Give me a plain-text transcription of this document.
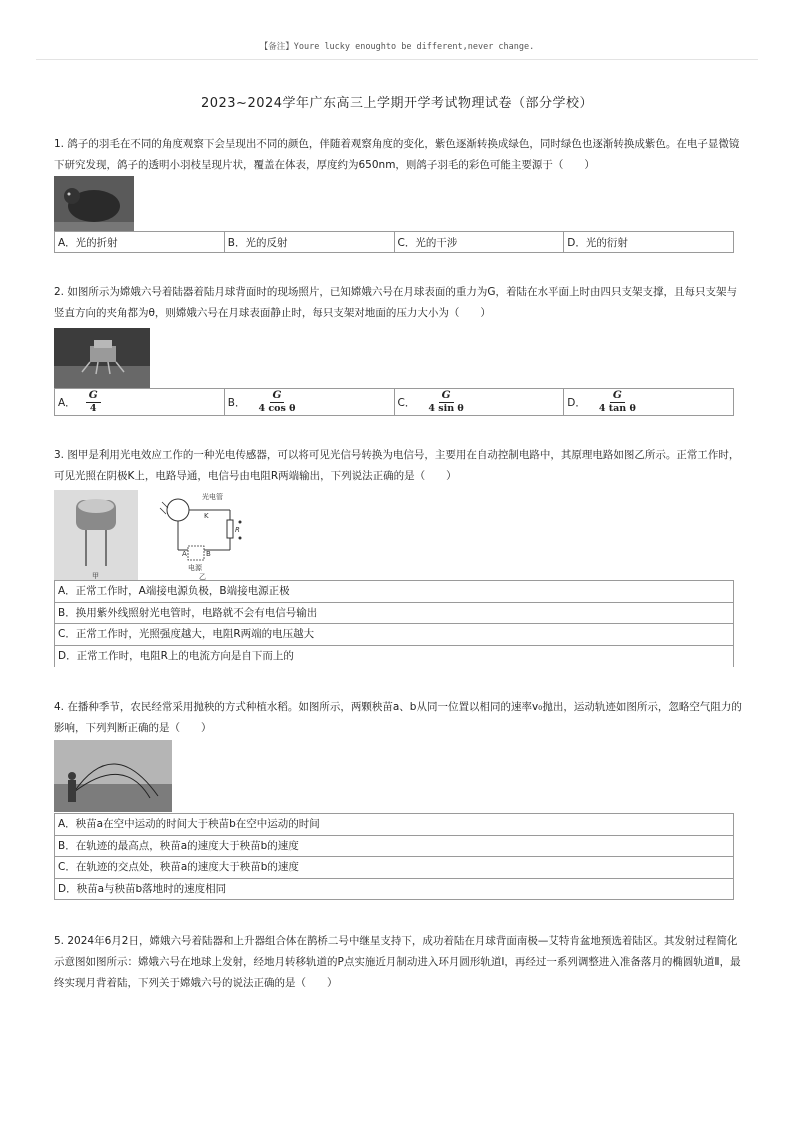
【备注】Youre lucky enoughto be different,never change.
2023~2024学年广东高三上学期开学考试物理试卷（部分学校）

1. 鸽子的羽毛在不同的角度观察下会呈现出不同的颜色，伴随着观察角度的变化，紫色逐渐转换成绿色，同时绿色也逐渐转换成紫色。在电子显微镜下研究发现，鸽子的透明小羽枝呈现片状，覆盖在体表，厚度约为650nm，则鸽子羽毛的彩色可能主要源于（　　）

A．光的折射	B．光的反射	C．光的干涉	D．光的衍射

2. 如图所示为嫦娥六号着陆器着陆月球背面时的现场照片，已知嫦娥六号在月球表面的重力为G，着陆在水平面上时由四只支架支撑，且每只支架与竖直方向的夹角都为θ，则嫦娥六号在月球表面静止时，每只支架对地面的压力大小为（　　）

A． $\frac{G}{4}$	B． $\frac{G}{\text{4 cos θ}}$	C． $\frac{G}{\text{4 sin θ}}$	D． $\frac{G}{\text{4 tan θ}}$

3. 图甲是利用光电效应工作的一种光电传感器，可以将可见光信号转换为电信号，主要用在自动控制电路中，其原理电路如图乙所示。正常工作时，可见光照在阴极K上，电路导通，电信号由电阻R两端输出，下列说法正确的是（　　）

甲
光电管
K
R
A	B
电源
乙
A．正常工作时，A端接电源负极，B端接电源正极
B．换用紫外线照射光电管时，电路就不会有电信号输出
C．正常工作时，光照强度越大，电阻R两端的电压越大
D．正常工作时，电阻R上的电流方向是自下而上的

4. 在播种季节，农民经常采用抛秧的方式种植水稻。如图所示，两颗秧苗a、b从同一位置以相同的速率v₀抛出，运动轨迹如图所示，忽略空气阻力的影响，下列判断正确的是（　　）

A．秧苗a在空中运动的时间大于秧苗b在空中运动的时间
B．在轨迹的最高点，秧苗a的速度大于秧苗b的速度
C．在轨迹的交点处，秧苗a的速度大于秧苗b的速度
D．秧苗a与秧苗b落地时的速度相同

5. 2024年6月2日，嫦娥六号着陆器和上升器组合体在鹊桥二号中继星支持下，成功着陆在月球背面南极—艾特肯盆地预选着陆区。其发射过程简化示意图如图所示：嫦娥六号在地球上发射，经地月转移轨道的P点实施近月制动进入环月圆形轨道Ⅰ，再经过一系列调整进入准备落月的椭圆轨道Ⅱ，最终实现月背着陆，下列关于嫦娥六号的说法正确的是（　　）
